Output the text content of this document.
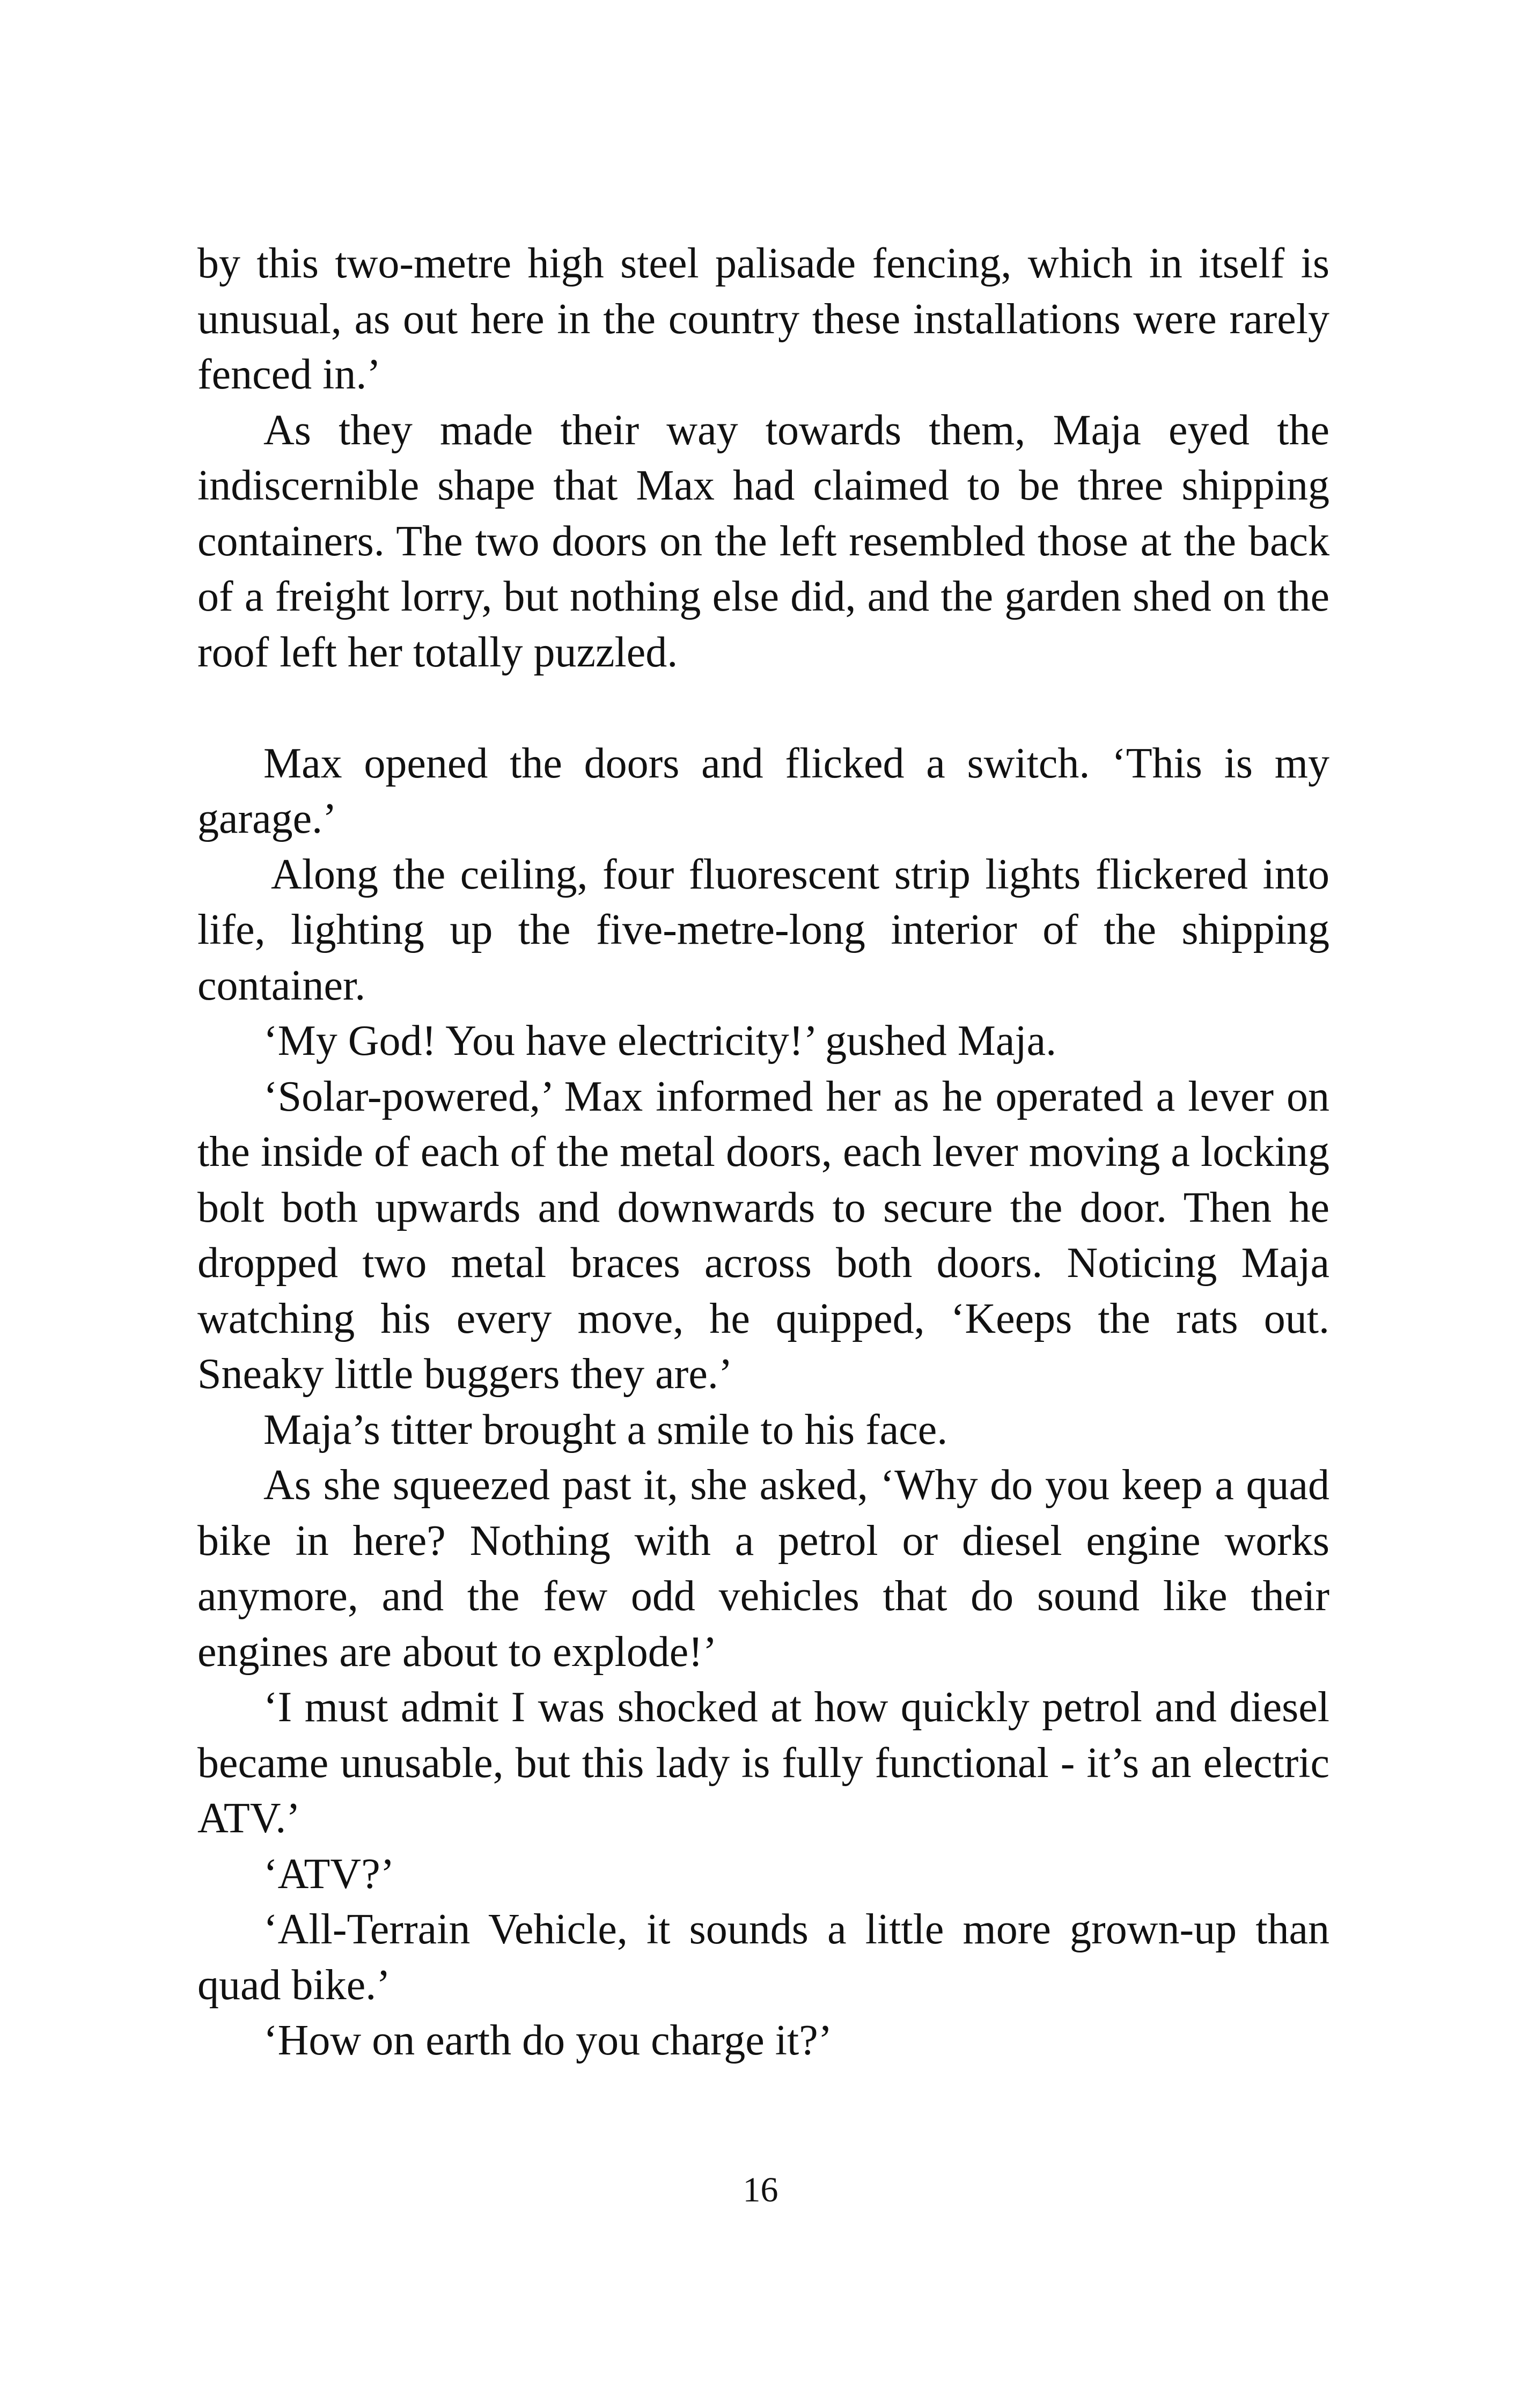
by this two-metre high steel palisade fencing, which in itself is unusual, as out here in the country these installations were rarely fenced in.’

As they made their way towards them, Maja eyed the indiscernible shape that Max had claimed to be three shipping containers. The two doors on the left resembled those at the back of a freight lorry, but nothing else did, and the garden shed on the roof left her totally puzzled.

Max opened the doors and flicked a switch. ‘This is my garage.’

Along the ceiling, four fluorescent strip lights flickered into life, lighting up the five-metre-long interior of the shipping container.

‘My God! You have electricity!’ gushed Maja.

‘Solar-powered,’ Max informed her as he operated a lever on the inside of each of the metal doors, each lever moving a locking bolt both upwards and downwards to secure the door. Then he dropped two metal braces across both doors. Noticing Maja watching his every move, he quipped, ‘Keeps the rats out. Sneaky little buggers they are.’

Maja’s titter brought a smile to his face.

As she squeezed past it, she asked, ‘Why do you keep a quad bike in here? Nothing with a petrol or diesel engine works anymore, and the few odd vehicles that do sound like their engines are about to explode!’

‘I must admit I was shocked at how quickly petrol and diesel became unusable, but this lady is fully functional - it’s an electric ATV.’

‘ATV?’

‘All-Terrain Vehicle, it sounds a little more grown-up than quad bike.’

‘How on earth do you charge it?’

16
